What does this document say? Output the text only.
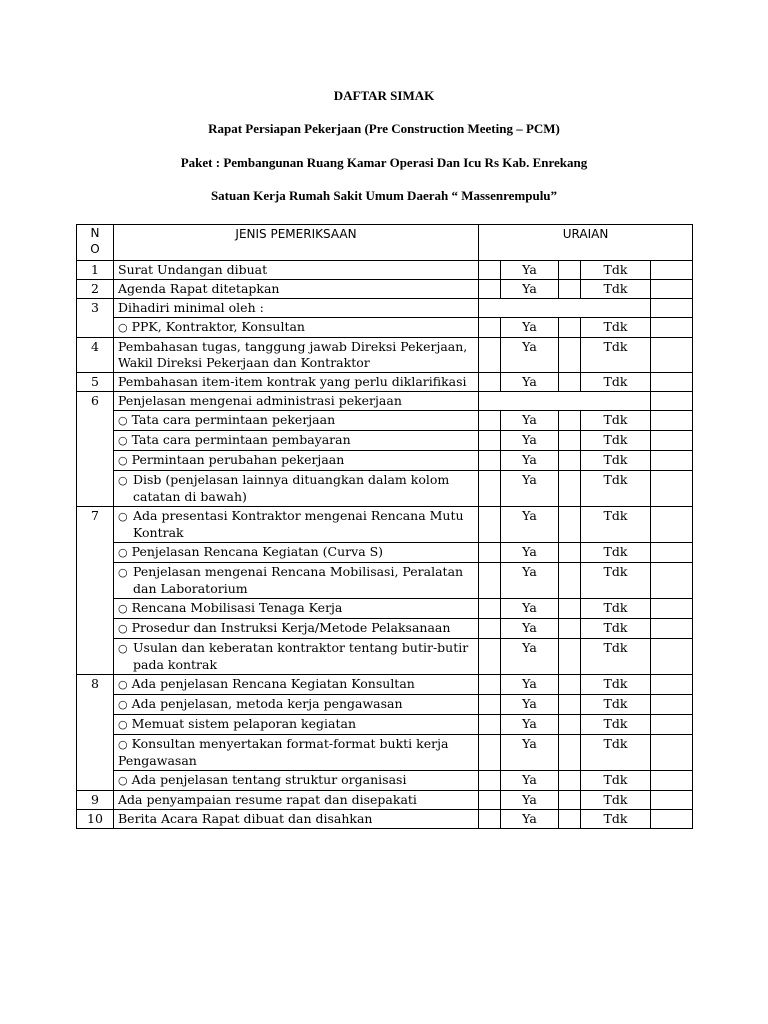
DAFTAR SIMAK
Rapat Persiapan Pekerjaan (Pre Construction Meeting – PCM)
Paket : Pembangunan Ruang Kamar Operasi Dan Icu Rs Kab. Enrekang
Satuan Kerja Rumah Sakit Umum Daerah “ Massenrempulu”
N O	JENIS PEMERIKSAAN	URAIAN				
1	Surat Undangan dibuat		Ya		Tdk	
2	Agenda Rapat ditetapkan		Ya		Tdk	
3	Dihadiri minimal oleh :					
	○ PPK, Kontraktor, Konsultan		Ya		Tdk	
4	Pembahasan tugas, tanggung jawab Direksi Pekerjaan, Wakil Direksi Pekerjaan dan Kontraktor		Ya		Tdk	
5	Pembahasan item-item kontrak yang perlu diklarifikasi		Ya		Tdk	
6	Penjelasan mengenai administrasi pekerjaan					
	○ Tata cara permintaan pekerjaan		Ya		Tdk	
	○ Tata cara permintaan pembayaran		Ya		Tdk	
	○ Permintaan perubahan pekerjaan		Ya		Tdk	

	○ Disb (penjelasan lainnya dituangkan dalam kolom catatan di bawah)		Ya		Tdk	
7	○ Ada presentasi Kontraktor mengenai Rencana Mutu Kontrak		Ya		Tdk	
	○ Penjelasan Rencana Kegiatan (Curva S)		Ya		Tdk	

	○ Penjelasan mengenai Rencana Mobilisasi, Peralatan dan Laboratorium		Ya		Tdk	
	○ Rencana Mobilisasi Tenaga Kerja		Ya		Tdk	
	○ Prosedur dan Instruksi Kerja/Metode Pelaksanaan		Ya		Tdk	

	○ Usulan dan keberatan kontraktor tentang butir-butir pada kontrak		Ya		Tdk	
8	○Ada penjelasan Rencana Kegiatan Konsultan		Ya		Tdk	
	○ Ada penjelasan, metoda kerja pengawasan		Ya		Tdk	
	○ Memuat sistem pelaporan kegiatan		Ya		Tdk	
	○ Konsultan menyertakan format-format bukti kerja Pengawasan		Ya		Tdk	
	○ Ada penjelasan tentang struktur organisasi		Ya		Tdk	
9	Ada penyampaian resume rapat dan disepakati		Ya		Tdk	
10	Berita Acara Rapat dibuat dan disahkan		Ya		Tdk	
